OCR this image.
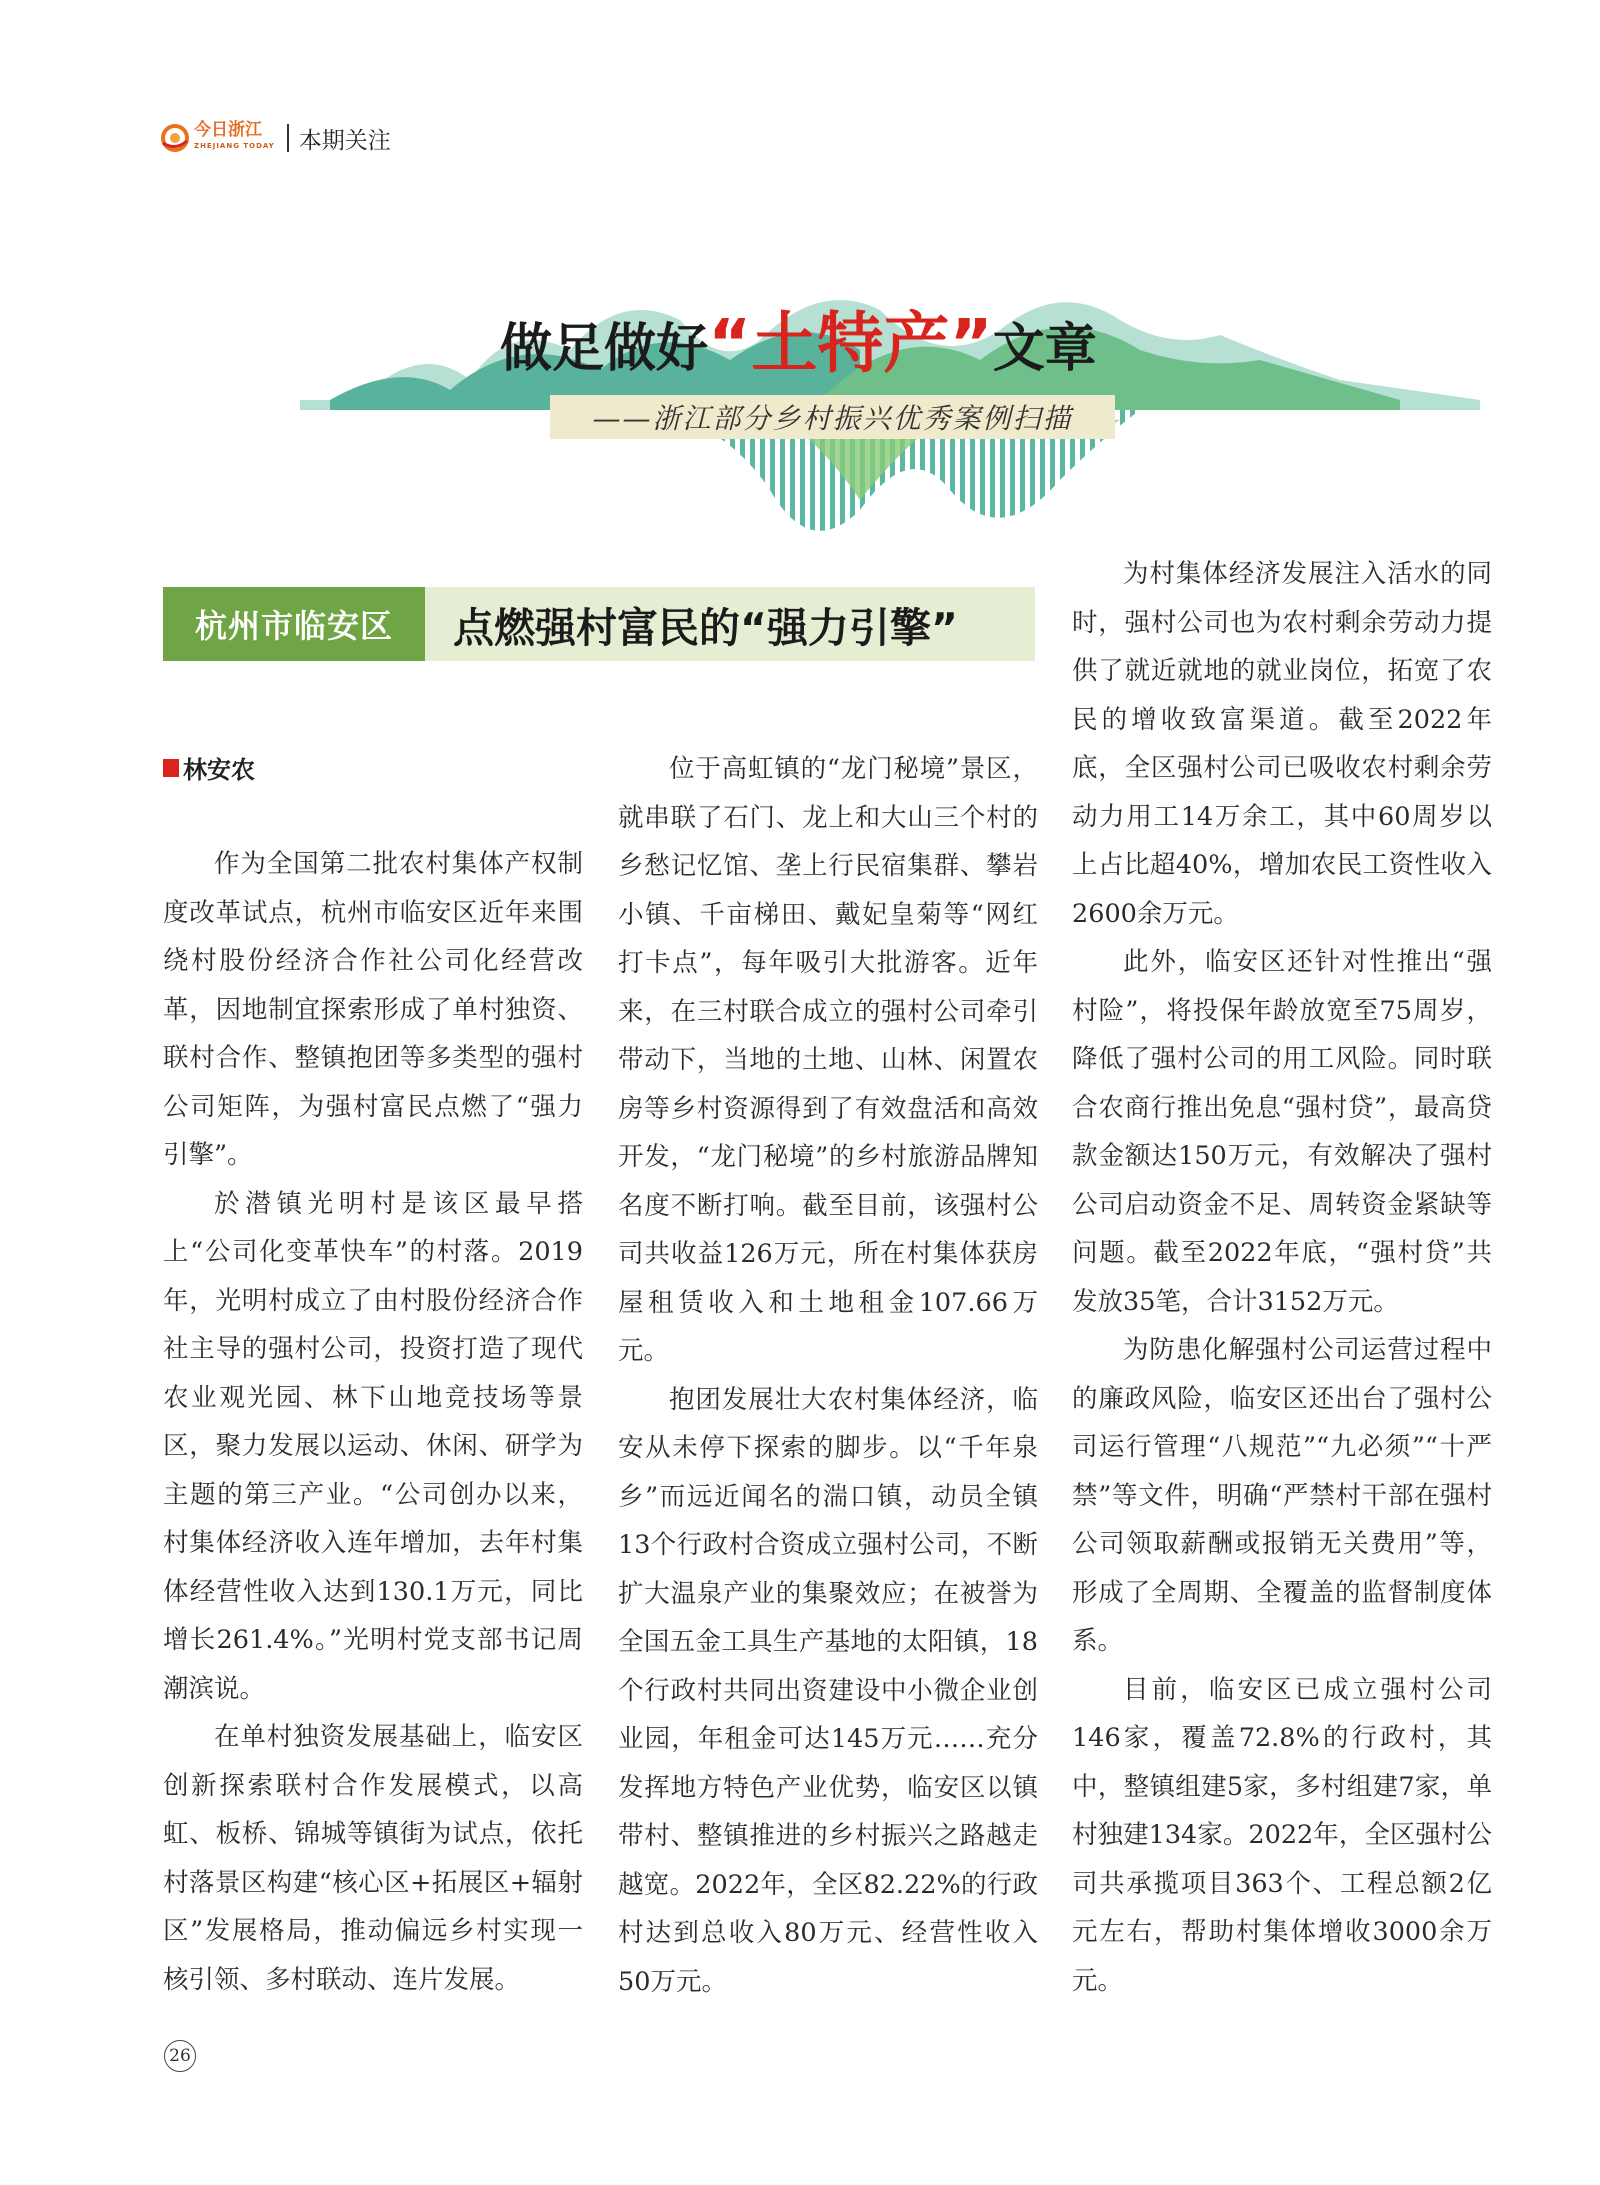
今日浙江
ZHEJIANG TODAY 本期关注
做足做好“土特产”文章
——浙江部分乡村振兴优秀案例扫描
杭州市临安区	点燃强村富民的“强力引擎”
林安农

作为全国第二批农村集体产权制度改革试点，杭州市临安区近年来围绕村股份经济合作社公司化经营改革，因地制宜探索形成了单村独资、联村合作、整镇抱团等多类型的强村公司矩阵，为强村富民点燃了“强力引擎”。

於潜镇光明村是该区最早搭上“公司化变革快车”的村落。2019年，光明村成立了由村股份经济合作社主导的强村公司，投资打造了现代农业观光园、林下山地竞技场等景区，聚力发展以运动、休闲、研学为主题的第三产业。“公司创办以来，村集体经济收入连年增加，去年村集体经营性收入达到130.1万元，同比增长261.4%。”光明村党支部书记周潮滨说。

在单村独资发展基础上，临安区创新探索联村合作发展模式，以高虹、板桥、锦城等镇街为试点，依托村落景区构建“核心区+拓展区+辐射区”发展格局，推动偏远乡村实现一核引领、多村联动、连片发展。

位于高虹镇的“龙门秘境”景区，就串联了石门、龙上和大山三个村的乡愁记忆馆、垄上行民宿集群、攀岩小镇、千亩梯田、戴妃皇菊等“网红打卡点”，每年吸引大批游客。近年来，在三村联合成立的强村公司牵引带动下，当地的土地、山林、闲置农房等乡村资源得到了有效盘活和高效开发，“龙门秘境”的乡村旅游品牌知名度不断打响。截至目前，该强村公司共收益126万元，所在村集体获房屋租赁收入和土地租金107.66万元。

抱团发展壮大农村集体经济，临安从未停下探索的脚步。以“千年泉乡”而远近闻名的湍口镇，动员全镇13个行政村合资成立强村公司，不断扩大温泉产业的集聚效应；在被誉为全国五金工具生产基地的太阳镇，18个行政村共同出资建设中小微企业创业园，年租金可达145万元……充分发挥地方特色产业优势，临安区以镇带村、整镇推进的乡村振兴之路越走越宽。2022年，全区82.22%的行政村达到总收入80万元、经营性收入50万元。

为村集体经济发展注入活水的同时，强村公司也为农村剩余劳动力提供了就近就地的就业岗位，拓宽了农民的增收致富渠道。截至2022年底，全区强村公司已吸收农村剩余劳动力用工14万余工，其中60周岁以上占比超40%，增加农民工资性收入2600余万元。

此外，临安区还针对性推出“强村险”，将投保年龄放宽至75周岁，降低了强村公司的用工风险。同时联合农商行推出免息“强村贷”，最高贷款金额达150万元，有效解决了强村公司启动资金不足、周转资金紧缺等问题。截至2022年底，“强村贷”共发放35笔，合计3152万元。

为防患化解强村公司运营过程中的廉政风险，临安区还出台了强村公司运行管理“八规范”“九必须”“十严禁”等文件，明确“严禁村干部在强村公司领取薪酬或报销无关费用”等，形成了全周期、全覆盖的监督制度体系。

目前，临安区已成立强村公司146家，覆盖72.8%的行政村，其中，整镇组建5家，多村组建7家，单村独建134家。2022年，全区强村公司共承揽项目363个、工程总额2亿元左右，帮助村集体增收3000余万元。

26
